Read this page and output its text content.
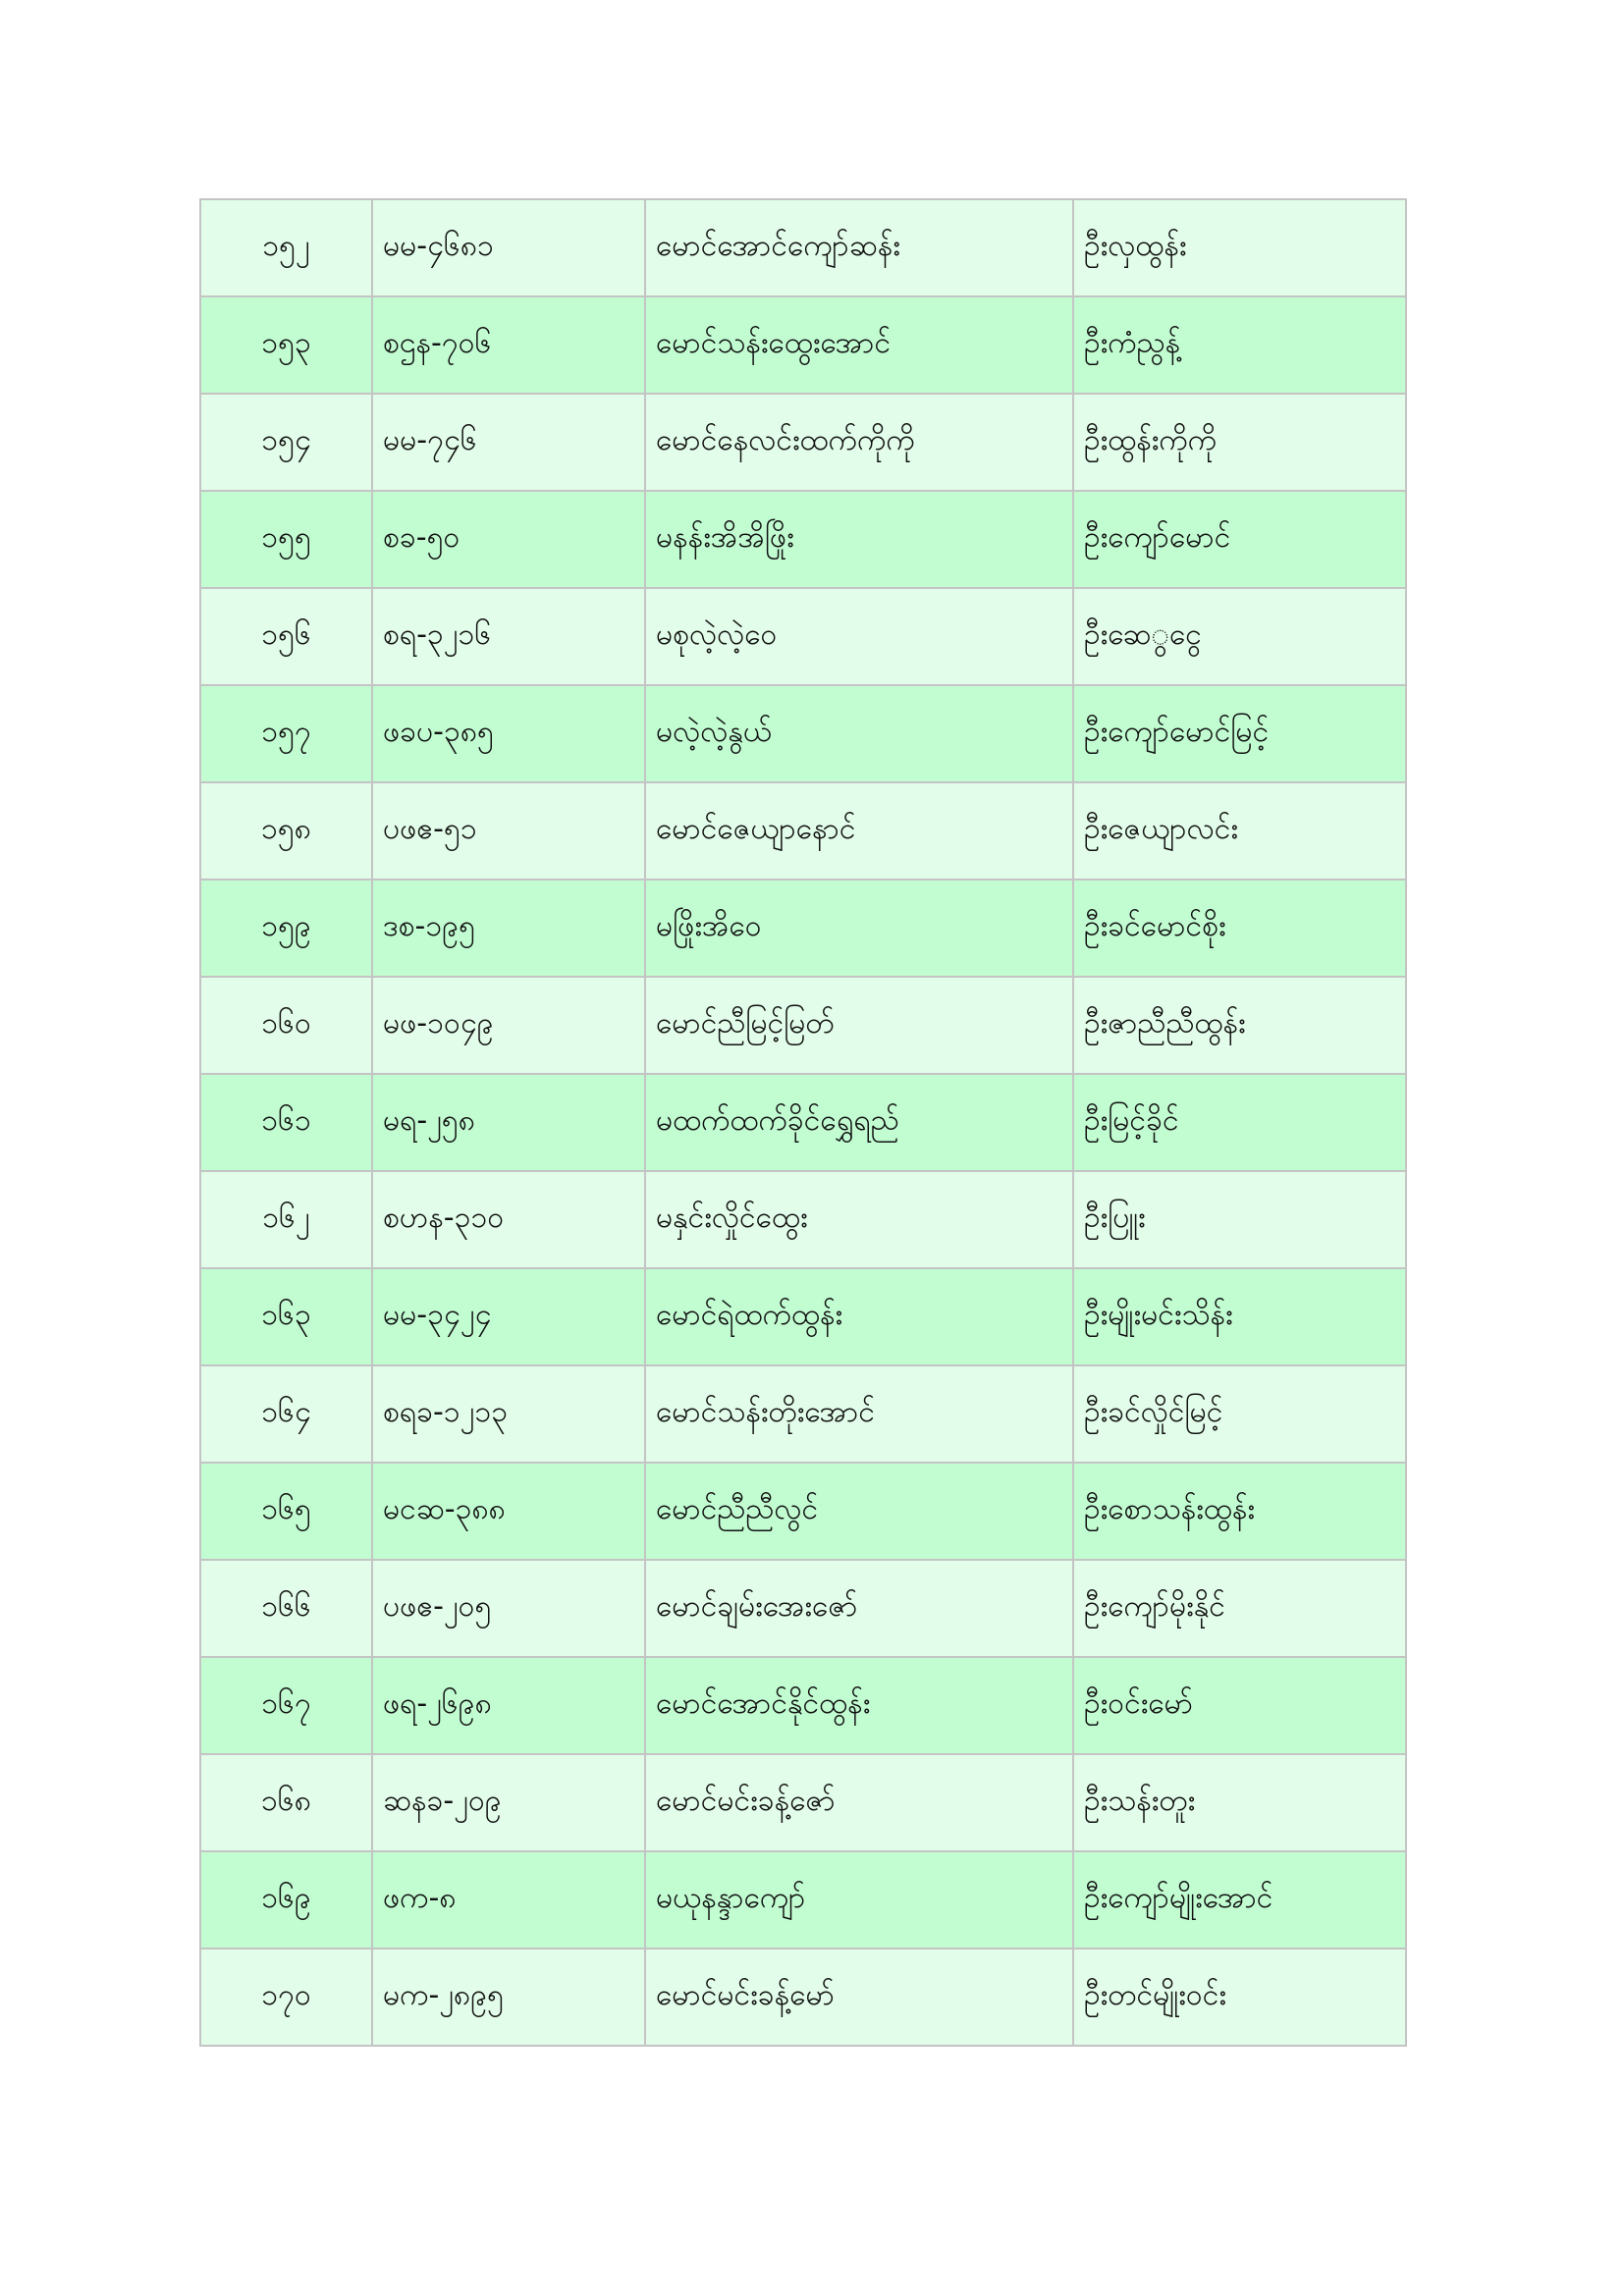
၁၅၂	မမ-၄၆၈၁	မောင်အောင်ကျော်ဆန်း	ဦးလှထွန်း
၁၅၃	စဌန-၇၀၆	မောင်သန်းထွေးအောင်	ဦးကံညွန့်
၁၅၄	မမ-၇၄၆	မောင်နေလင်းထက်ကိုကို	ဦးထွန်းကိုကို
၁၅၅	စခ-၅၀	မနန်းအိအိဖြိုး	ဦးကျော်မောင်
၁၅၆	စရ-၃၂၁၆	မစုလဲ့လဲ့ဝေ	ဦးဆေွငွေ
၁၅၇	ဖခပ-၃၈၅	မလဲ့လဲ့နွယ်	ဦးကျော်မောင်မြင့်
၁၅၈	ပဖဧ-၅၁	မောင်ဇေယျာနောင်	ဦးဇေယျာလင်း
၁၅၉	ဒစ-၁၉၅	မဖြိုးအိဝေ	ဦးခင်မောင်စိုး
၁၆၀	မဖ-၁၀၄၉	မောင်ညီမြင့်မြတ်	ဦးဇာညီညီထွန်း
၁၆၁	မရ-၂၅၈	မထက်ထက်ခိုင်ရွှေရည်	ဦးမြင့်ခိုင်
၁၆၂	စဟန-၃၁၀	မနှင်းလှိုင်ထွေး	ဦးပြူး
၁၆၃	မမ-၃၄၂၄	မောင်ရဲထက်ထွန်း	ဦးမျိုးမင်းသိန်း
၁၆၄	စရခ-၁၂၁၃	မောင်သန်းတိုးအောင်	ဦးခင်လှိုင်မြင့်
၁၆၅	မငဆ-၃၈၈	မောင်ညီညီလွင်	ဦးစောသန်းထွန်း
၁၆၆	ပဖဧ-၂၀၅	မောင်ချမ်းအေးဇော်	ဦးကျော်မိုးနိုင်
၁၆၇	ဖရ-၂၆၉၈	မောင်အောင်နိုင်ထွန်း	ဦးဝင်းမော်
၁၆၈	ဆနခ-၂၀၉	မောင်မင်းခန့်ဇော်	ဦးသန်းတူး
၁၆၉	ဖက-၈	မယုနန္ဒာကျော်	ဦးကျော်မျိုးအောင်
၁၇၀	မက-၂၈၉၅	မောင်မင်းခန့်မော်	ဦးတင်မျိုးဝင်း
